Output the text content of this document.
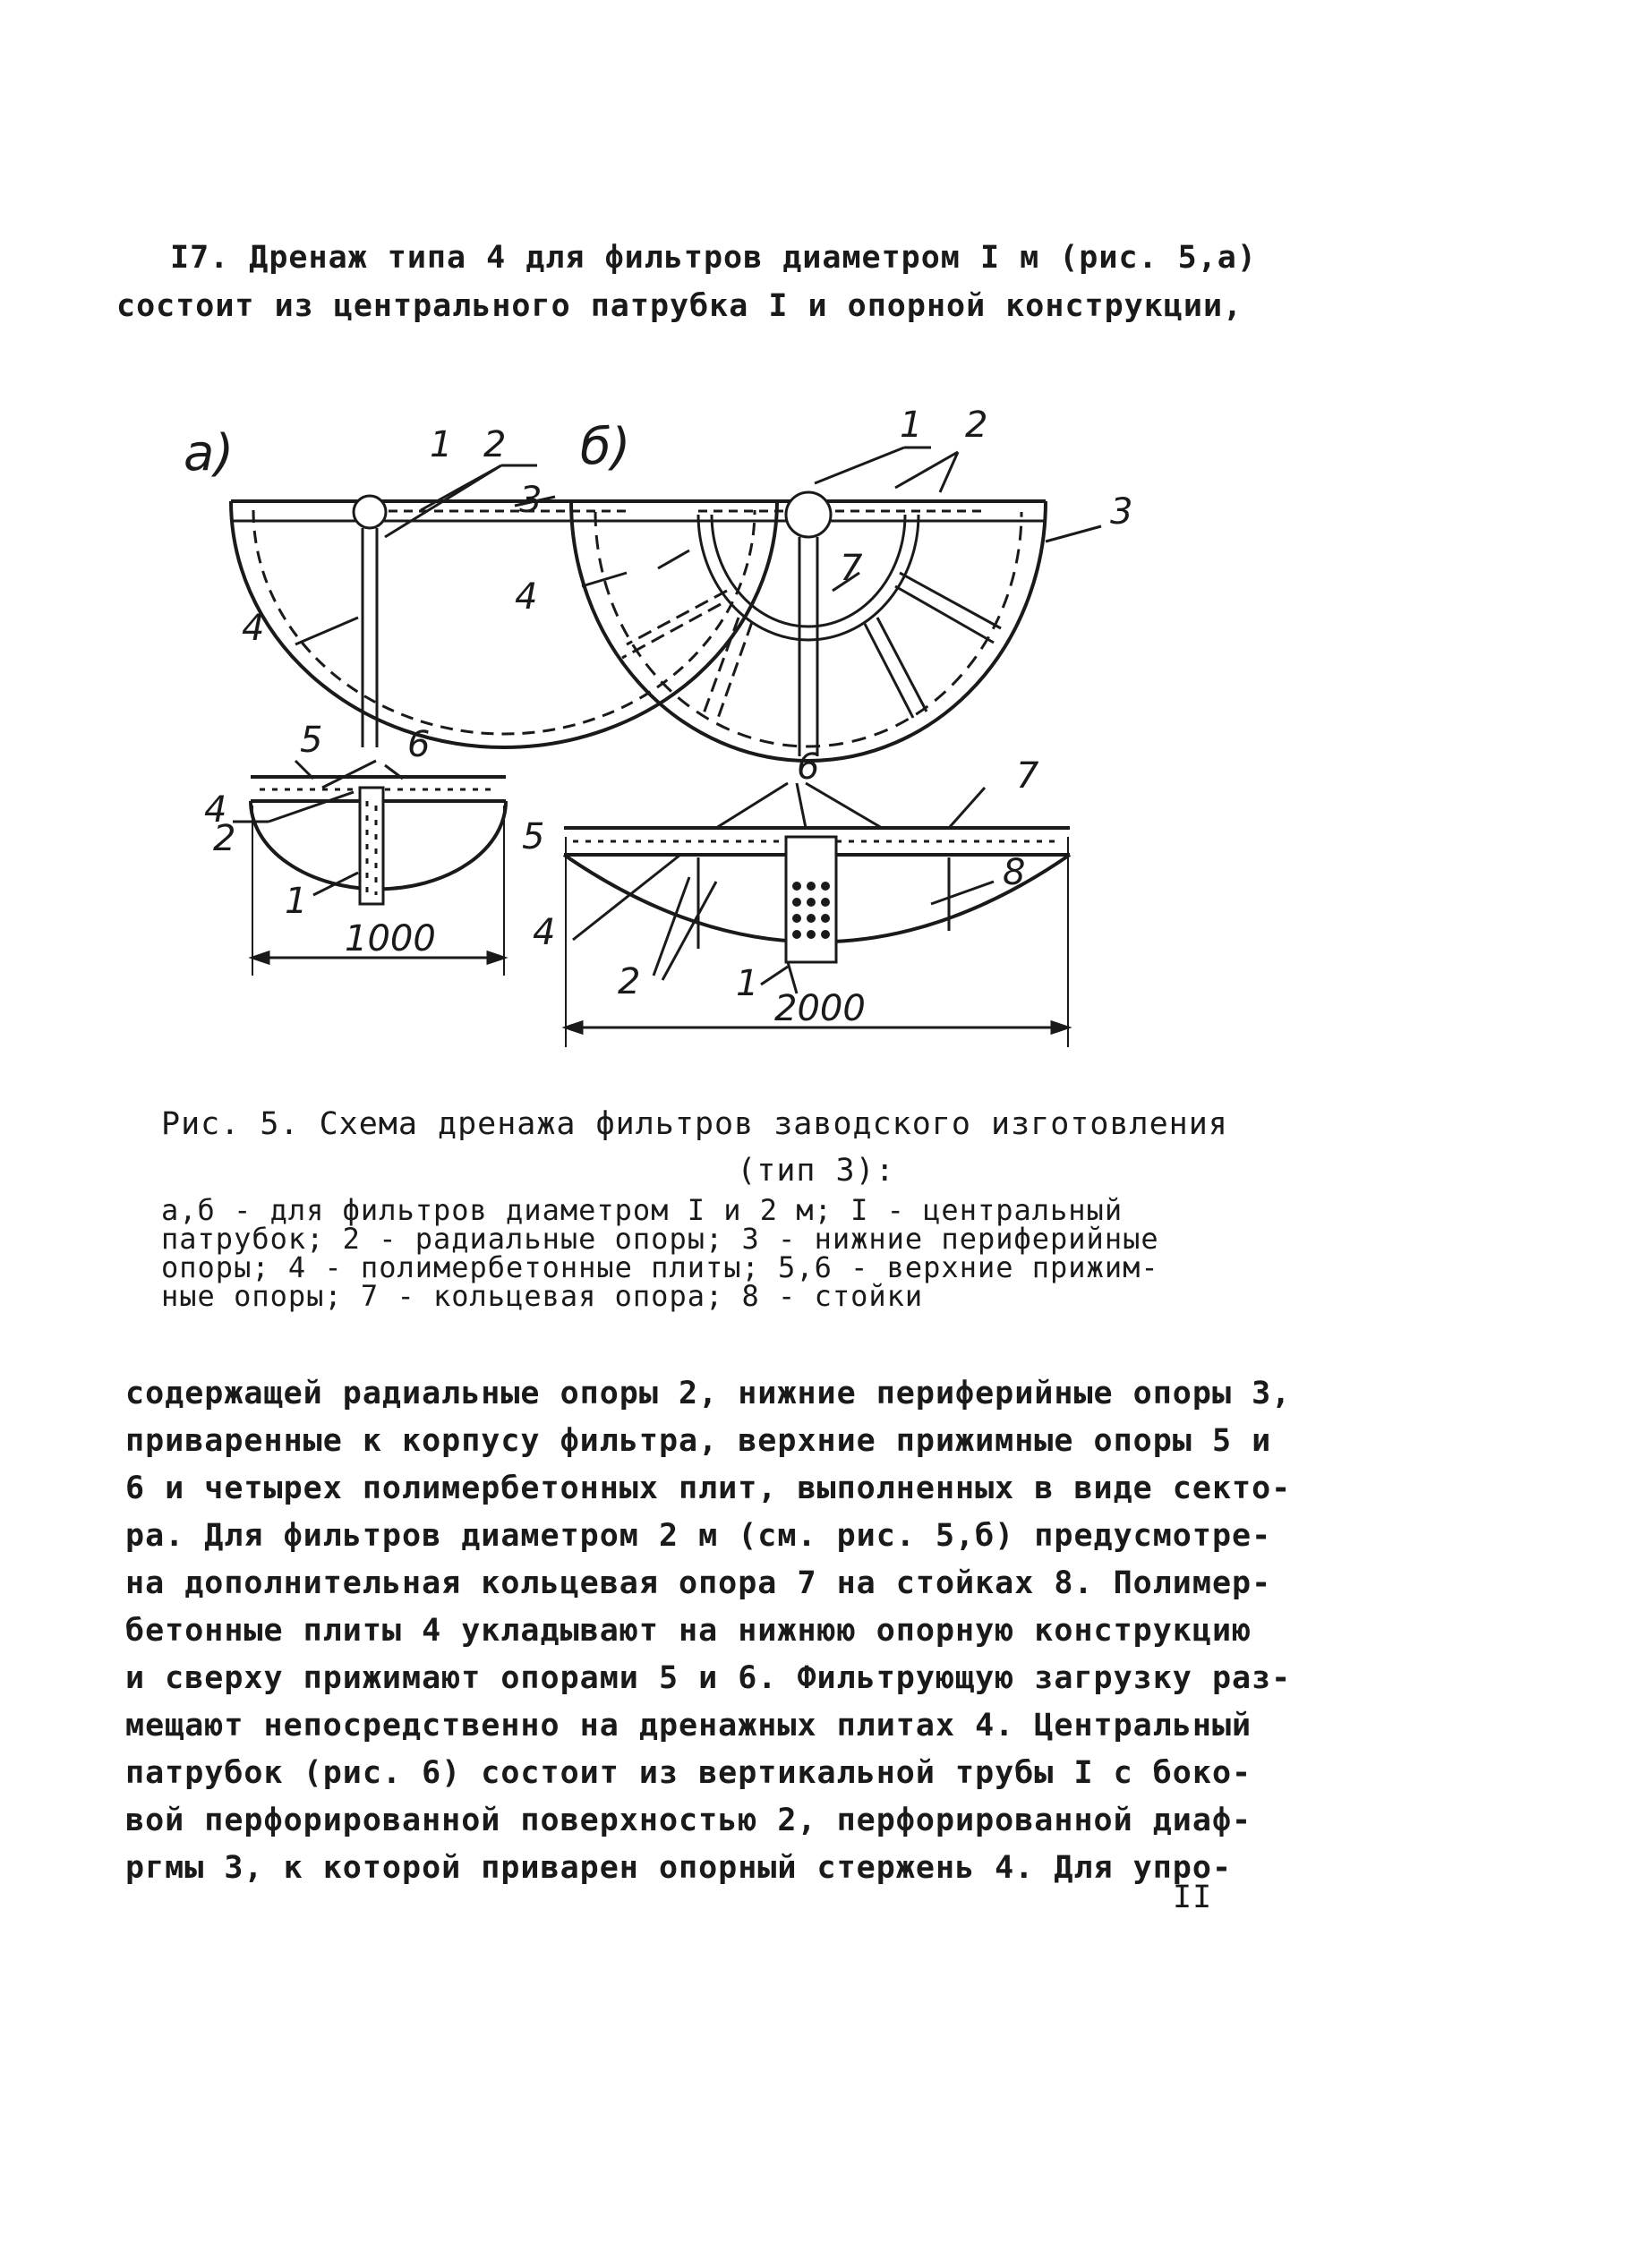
I7. Дренаж типа 4 для фильтров диаметром I м (рис. 5,а)

состоит из центрального патрубка I и опорной конструкции,

а)	1 2
3
4
б)	1 2
3
4
7
5 6
4
2
1
1000
6	7
5
4
8
2	1
2000

Рис. 5. Схема дренажа фильтров заводского изготовления

(тип 3):

а,б - для фильтров диаметром I и 2 м; I - центральный

патрубок; 2 - радиальные опоры; 3 - нижние периферийные

опоры; 4 - полимербетонные плиты; 5,6 - верхние прижим-

ные опоры; 7 - кольцевая опора; 8 - стойки

содержащей радиальные опоры 2, нижние периферийные опоры 3,

приваренные к корпусу фильтра, верхние прижимные опоры 5 и

6 и четырех полимербетонных плит, выполненных в виде секто-

ра. Для фильтров диаметром 2 м (см. рис. 5,б) предусмотре-

на дополнительная кольцевая опора 7 на стойках 8. Полимер-

бетонные плиты 4 укладывают на нижнюю опорную конструкцию

и сверху прижимают опорами 5 и 6. Фильтрующую загрузку раз-

мещают непосредственно на дренажных плитах 4. Центральный

патрубок (рис. 6) состоит из вертикальной трубы I с боко-

вой перфорированной поверхностью 2, перфорированной диаф-

ргмы 3, к которой приварен опорный стержень 4. Для упро-

II
